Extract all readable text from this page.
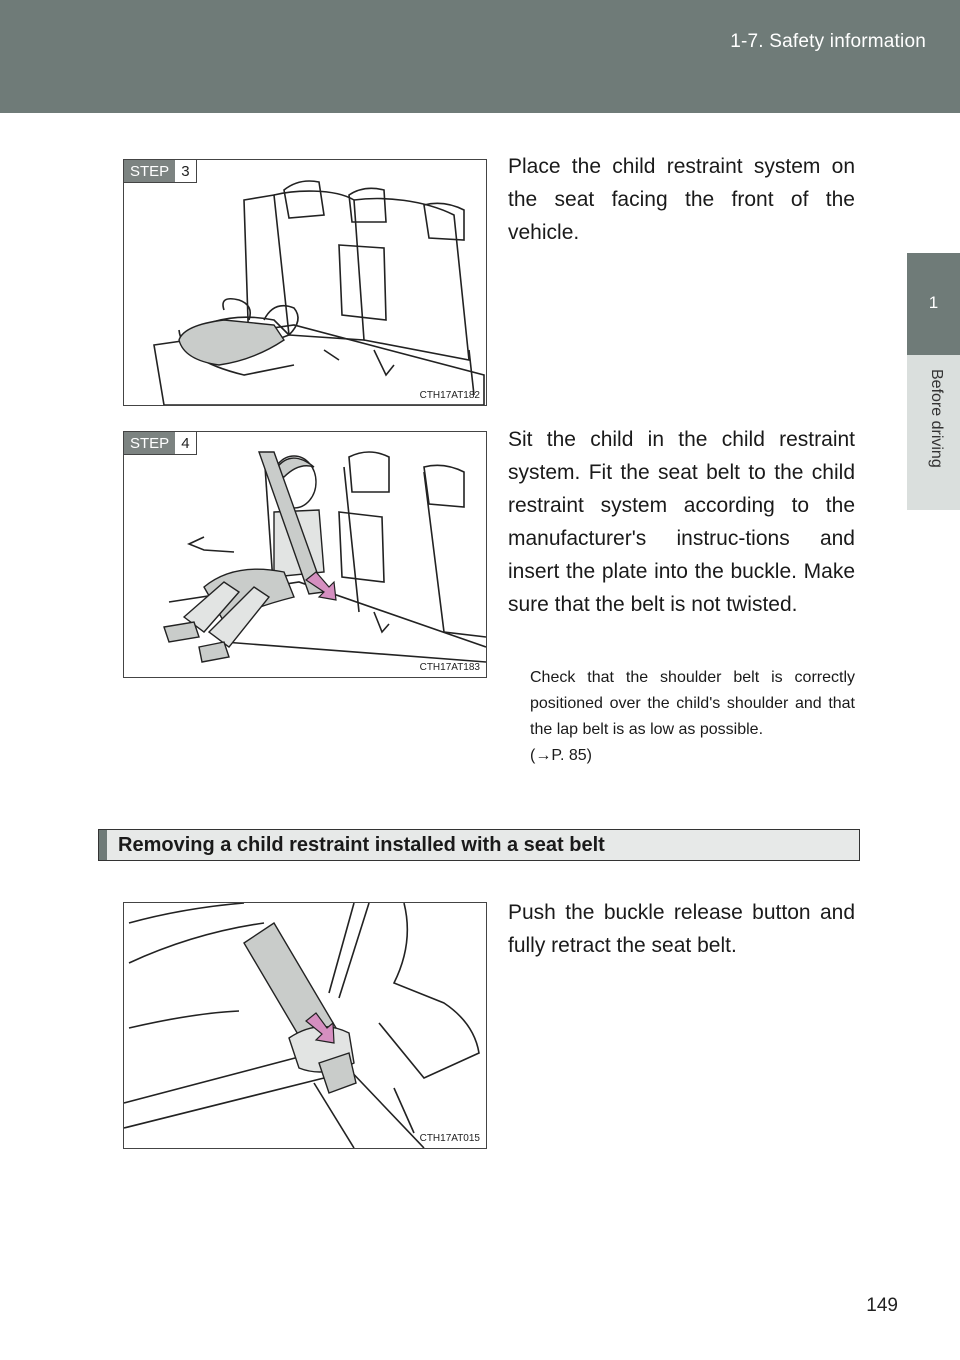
1-7. Safety information
1
Before driving
STEP 3
CTH17AT182
Place the child restraint system on the seat facing the front of the vehicle.
STEP 4
CTH17AT183
Sit the child in the child restraint system. Fit the seat belt to the child restraint system according to the manufacturer's instruc-tions and insert the plate into the buckle. Make sure that the belt is not twisted.
Check that the shoulder belt is correctly positioned over the child's shoulder and that the lap belt is as low as possible.
(→P. 85)
Removing a child restraint installed with a seat belt
CTH17AT015
Push the buckle release button and fully retract the seat belt.
149
